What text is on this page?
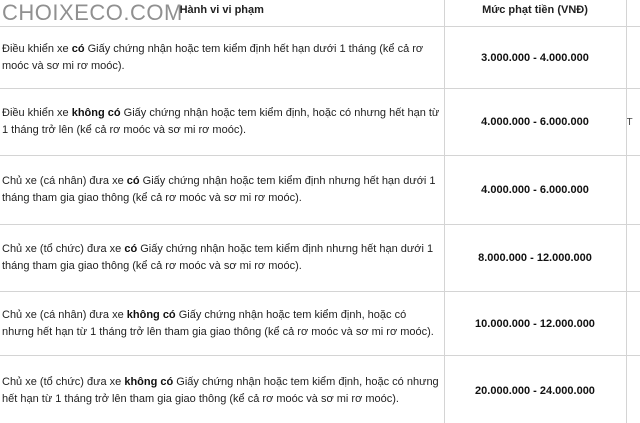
CHOIXECO.COM
Hành vi vi phạm	Mức phạt tiền (VNĐ)	

Điều khiển xe có Giấy chứng nhận hoặc tem kiểm định hết hạn dưới 1 tháng (kể cả rơ moóc và sơ mi rơ moóc).	3.000.000 - 4.000.000	

Điều khiển xe không có Giấy chứng nhận hoặc tem kiểm định, hoặc có nhưng hết hạn từ 1 tháng trở lên (kể cả rơ moóc và sơ mi rơ moóc).	4.000.000 - 6.000.000	T

Chủ xe (cá nhân) đưa xe có Giấy chứng nhận hoặc tem kiểm định nhưng hết hạn dưới 1 tháng tham gia giao thông (kể cả rơ moóc và sơ mi rơ moóc).	4.000.000 - 6.000.000	

Chủ xe (tổ chức) đưa xe có Giấy chứng nhận hoặc tem kiểm định nhưng hết hạn dưới 1 tháng tham gia giao thông (kể cả rơ moóc và sơ mi rơ moóc).	8.000.000 - 12.000.000	

Chủ xe (cá nhân) đưa xe không có Giấy chứng nhận hoặc tem kiểm định, hoặc có nhưng hết hạn từ 1 tháng trở lên tham gia giao thông (kể cả rơ moóc và sơ mi rơ moóc).	10.000.000 - 12.000.000	

Chủ xe (tổ chức) đưa xe không có Giấy chứng nhận hoặc tem kiểm định, hoặc có nhưng hết hạn từ 1 tháng trở lên tham gia giao thông (kể cả rơ moóc và sơ mi rơ moóc).	20.000.000 - 24.000.000	
